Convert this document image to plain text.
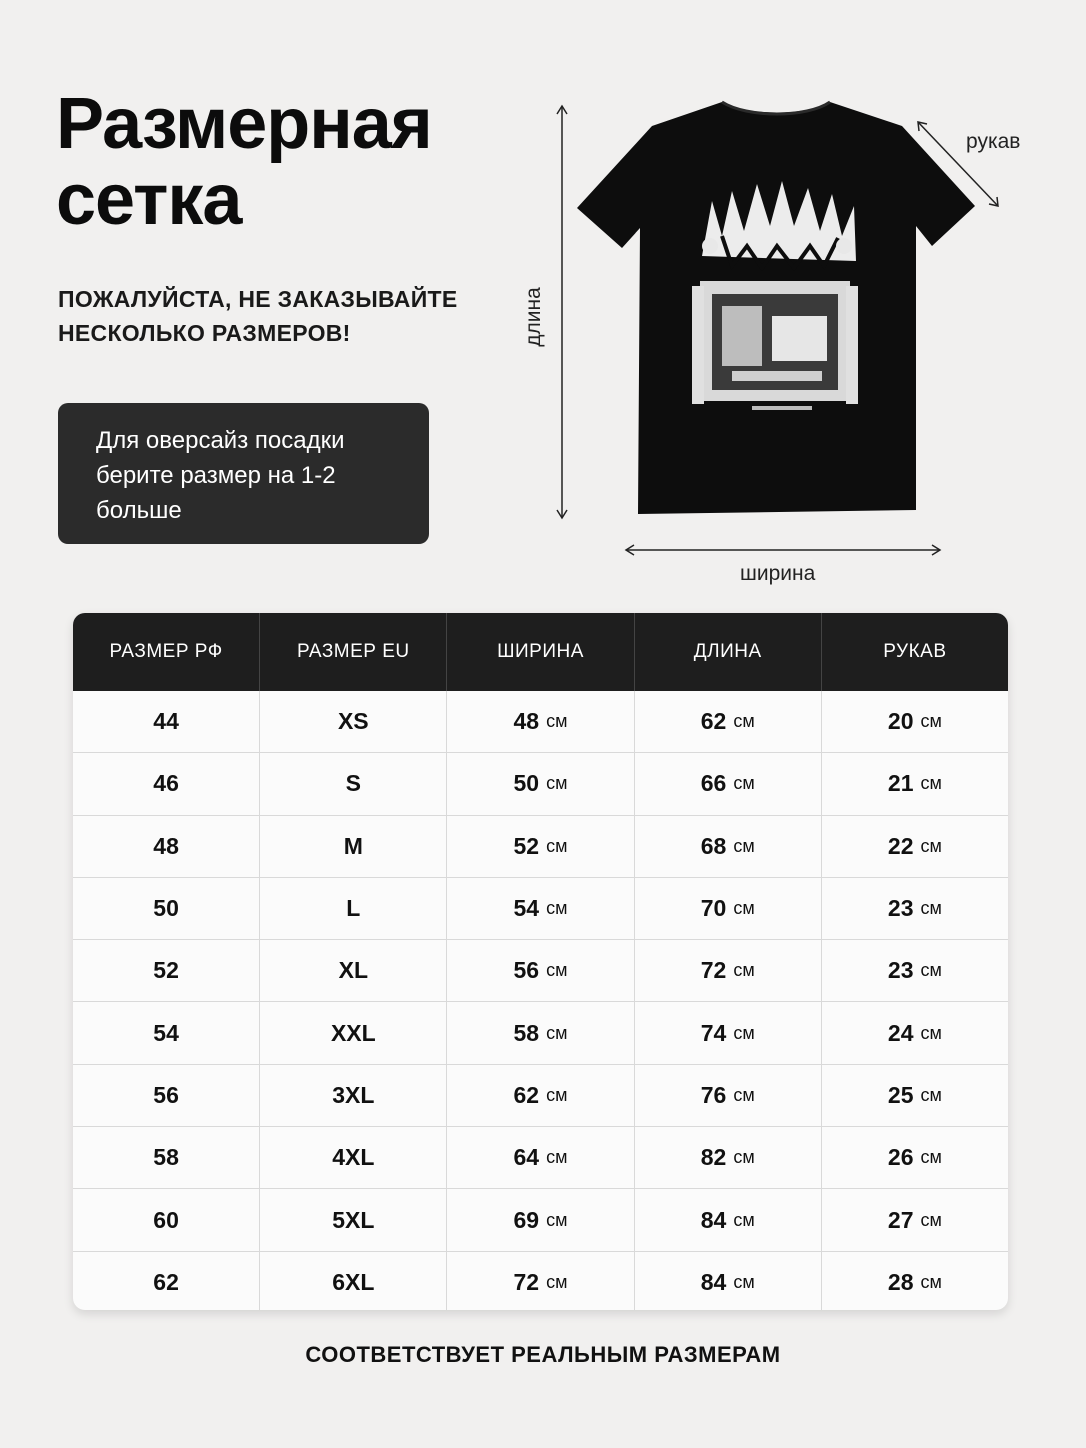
Размерная
сетка
ПОЖАЛУЙСТА, НЕ ЗАКАЗЫВАЙТЕ
НЕСКОЛЬКО РАЗМЕРОВ!
Для оверсайз посадки
берите размер на 1-2
больше
рукав
длина
ширина
РАЗМЕР РФ	РАЗМЕР EU	ШИРИНА	ДЛИНА	РУКАВ
44	XS	48 см	62 см	20 см
46	S	50 см	66 см	21 см
48	M	52 см	68 см	22 см
50	L	54 см	70 см	23 см
52	XL	56 см	72 см	23 см
54	XXL	58 см	74 см	24 см
56	3XL	62 см	76 см	25 см
58	4XL	64 см	82 см	26 см
60	5XL	69 см	84 см	27 см
62	6XL	72 см	84 см	28 см
СООТВЕТСТВУЕТ РЕАЛЬНЫМ РАЗМЕРАМ
